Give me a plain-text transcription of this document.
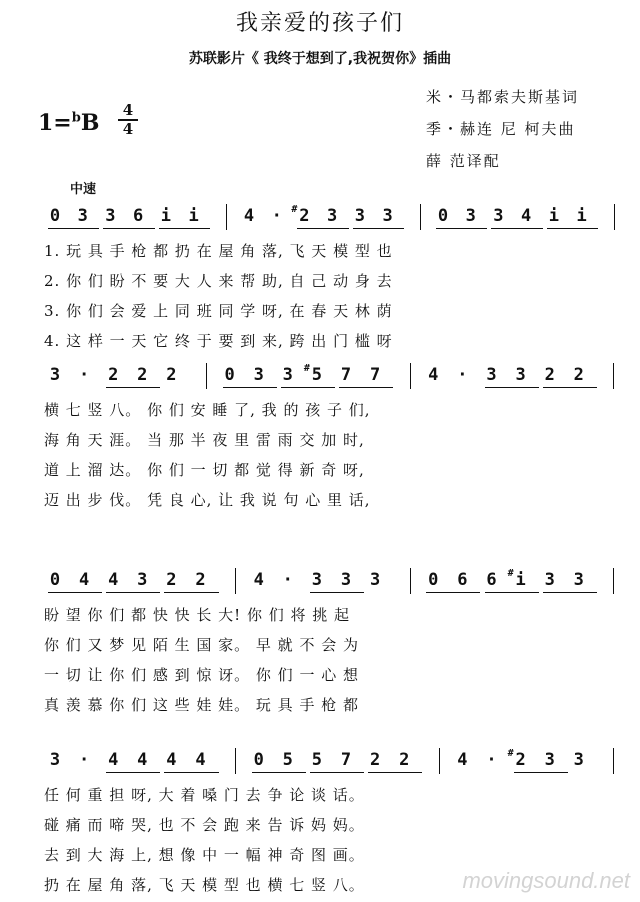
我亲爱的孩子们
苏联影片《 我终于想到了,我祝贺你》插曲
米・马都索夫斯基词
季・赫连 尼 柯夫曲
薛 范译配
1=$^b$B	4
4
中速
0 3 3 6 i i	4 · 2
# 3 3 3	0 3 3 4 i i
1. 玩 具 手 枪 都 扔 在 屋 角 落, 飞 天 模 型 也
2. 你 们 盼 不 要 大 人 来 帮 助, 自 己 动 身 去
3. 你 们 会 爱 上 同 班 同 学 呀, 在 春 天 林 荫
4. 这 样 一 天 它 终 于 要 到 来, 跨 出 门 槛 呀
3 · 2 2 2	0 3 3 5
# 7 7	4 · 3 3 2 2
横 七 竖 八。 你 们 安 睡 了, 我 的 孩 子 们,
海 角 天 涯。 当 那 半 夜 里 雷 雨 交 加 时,
道 上 溜 达。 你 们 一 切 都 觉 得 新 奇 呀,
迈 出 步 伐。 凭 良 心, 让 我 说 句 心 里 话,
0 4 4 3 2 2	4 · 3 3 3	0 6 6 i
# 3 3
盼 望 你 们 都 快 快 长 大! 你 们 将 挑 起
你 们 又 梦 见 陌 生 国 家。 早 就 不 会 为
一 切 让 你 们 感 到 惊 讶。 你 们 一 心 想
真 羡 慕 你 们 这 些 娃 娃。 玩 具 手 枪 都
3 · 4 4 4 4	0 5 5 7 2 2	4 · 2
# 3 3
任 何 重 担 呀, 大 着 嗓 门 去 争 论 谈 话。
碰 痛 而 啼 哭, 也 不 会 跑 来 告 诉 妈 妈。
去 到 大 海 上, 想 像 中 一 幅 神 奇 图 画。
扔 在 屋 角 落, 飞 天 模 型 也 横 七 竖 八。	movingsound.net
